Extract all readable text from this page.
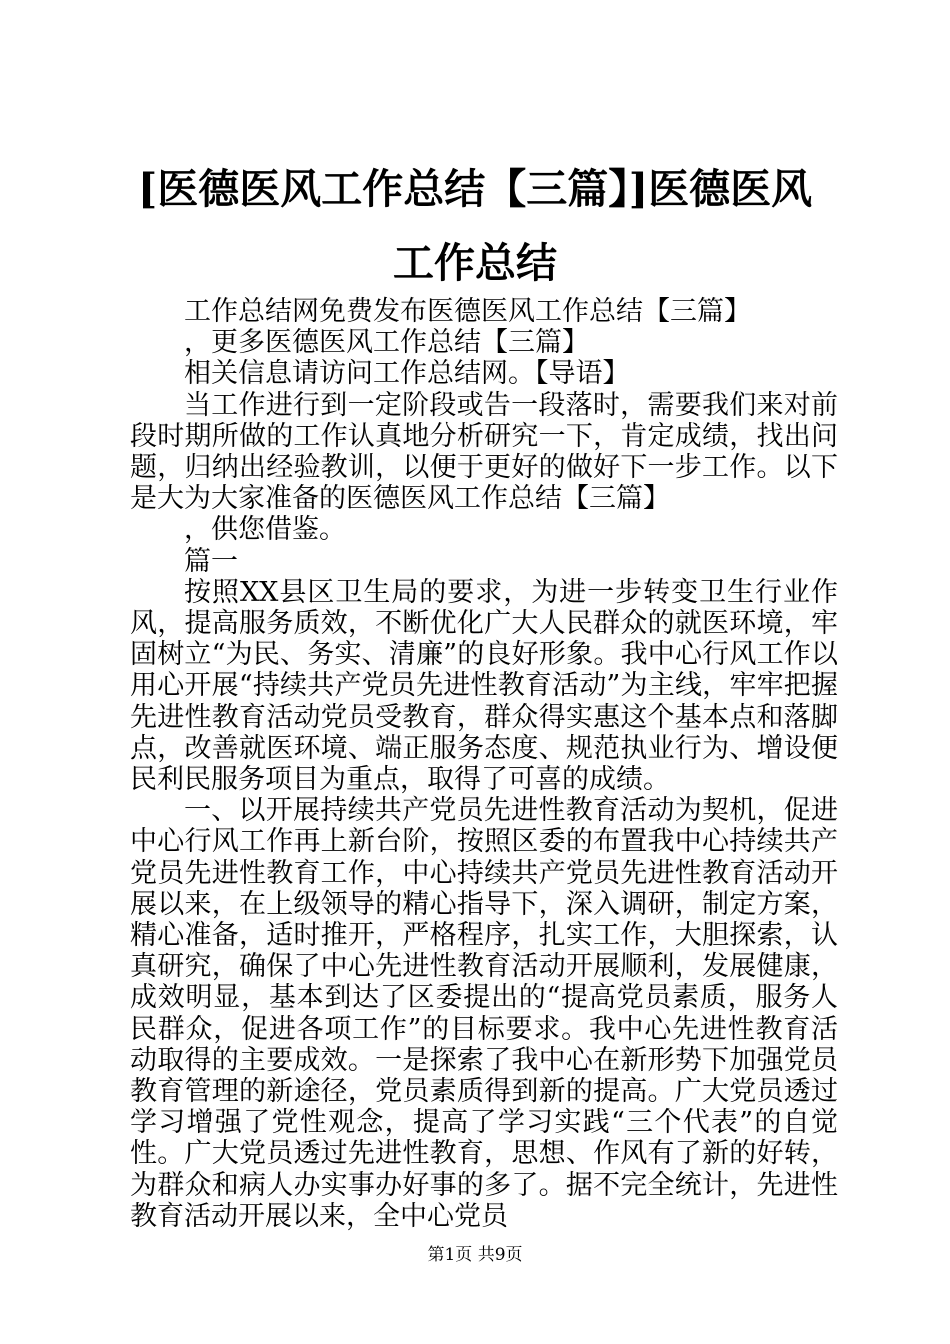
[医德医风工作总结【三篇】]医德医风工作总结

工作总结网免费发布医德医风工作总结【三篇】

，更多医德医风工作总结【三篇】

相关信息请访问工作总结网。【导语】

当工作进行到一定阶段或告一段落时，需要我们来对前段时期所做的工作认真地分析研究一下，肯定成绩，找出问题，归纳出经验教训，以便于更好的做好下一步工作。以下是大为大家准备的医德医风工作总结【三篇】

，供您借鉴。

篇一

按照XX县区卫生局的要求，为进一步转变卫生行业作风，提高服务质效，不断优化广大人民群众的就医环境，牢固树立“为民、务实、清廉”的良好形象。我中心行风工作以用心开展“持续共产党员先进性教育活动”为主线，牢牢把握先进性教育活动党员受教育，群众得实惠这个基本点和落脚点，改善就医环境、端正服务态度、规范执业行为、增设便民利民服务项目为重点，取得了可喜的成绩。

一、以开展持续共产党员先进性教育活动为契机，促进中心行风工作再上新台阶，按照区委的布置我中心持续共产党员先进性教育工作，中心持续共产党员先进性教育活动开展以来，在上级领导的精心指导下，深入调研，制定方案，精心准备，适时推开，严格程序，扎实工作，大胆探索，认真研究，确保了中心先进性教育活动开展顺利，发展健康，成效明显，基本到达了区委提出的“提高党员素质，服务人民群众，促进各项工作”的目标要求。我中心先进性教育活动取得的主要成效。一是探索了我中心在新形势下加强党员教育管理的新途径，党员素质得到新的提高。广大党员透过学习增强了党性观念，提高了学习实践“三个代表”的自觉性。广大党员透过先进性教育，思想、作风有了新的好转，为群众和病人办实事办好事的多了。据不完全统计，先进性教育活动开展以来，全中心党员

第1页 共9页
